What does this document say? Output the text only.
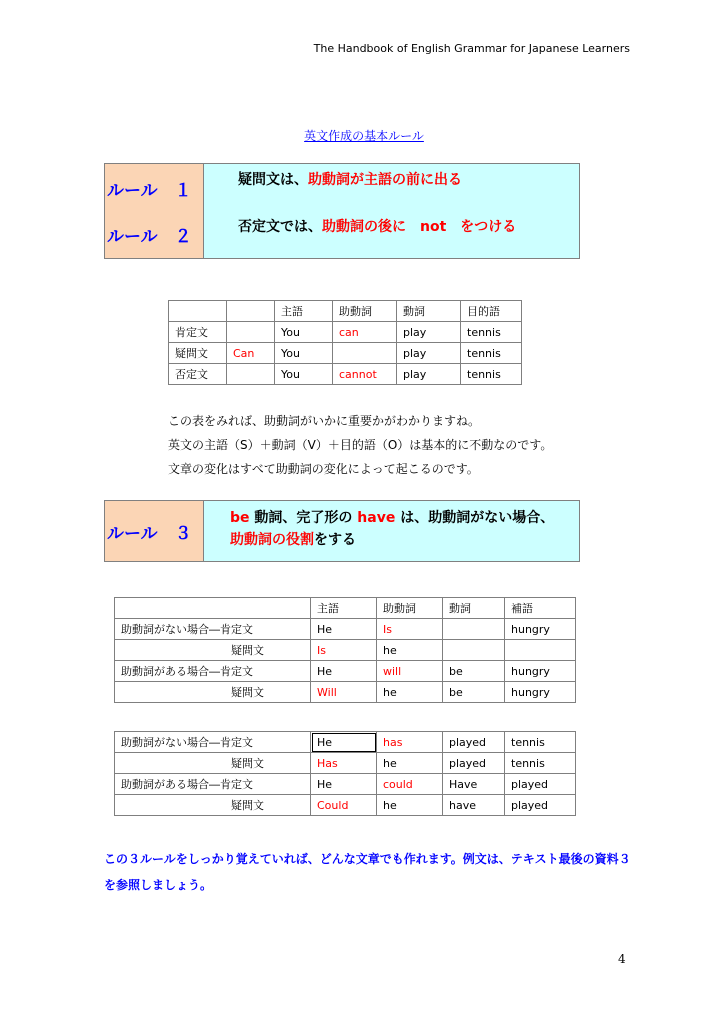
The Handbook of English Grammar for Japanese Learners
英文作成の基本ルール
ルール　１
疑問文は、助動詞が主語の前に出る
ルール　２	否定文では、助動詞の後に　not　をつける
		主語	助動詞	動詞	目的語
肯定文		You	can	play	tennis
疑問文	Can	You		play	tennis
否定文		You	cannot	play	tennis
この表をみれば、助動詞がいかに重要かがわかりますね。
英文の主語（S）＋動詞（V）＋目的語（O）は基本的に不動なのです。
文章の変化はすべて助動詞の変化によって起こるのです。
ルール　３
be 動詞、完了形の have は、助動詞がない場合、
助動詞の役割をする
	主語	助動詞	動詞	補語
助動詞がない場合―肯定文	He	Is		hungry
疑問文	Is	he		
助動詞がある場合―肯定文	He	will	be	hungry
疑問文	Will	he	be	hungry
助動詞がない場合―肯定文	He	has	played	tennis
疑問文	Has	he	played	tennis
助動詞がある場合―肯定文	He	could	Have	played
疑問文	Could	he	have	played
この３ルールをしっかり覚えていれば、どんな文章でも作れます。例文は、テキスト最後の資料３
を参照しましょう。
4
